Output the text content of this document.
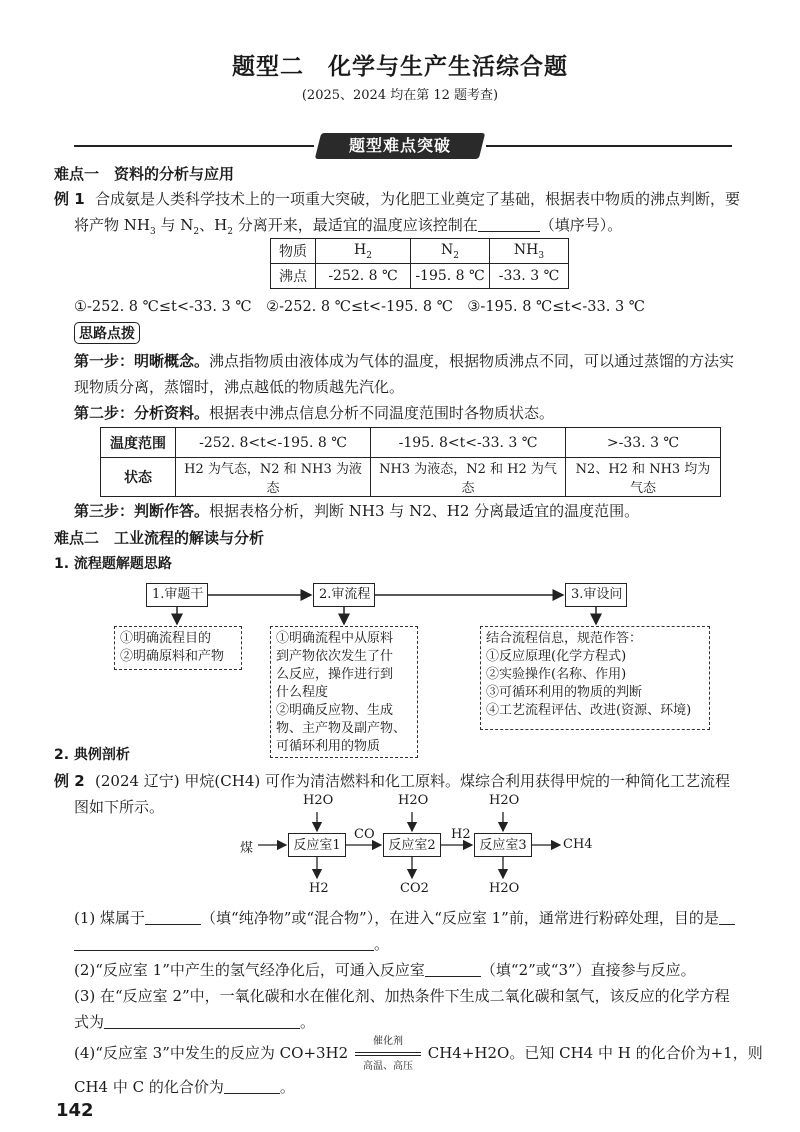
题型二　化学与生产生活综合题
(2025、2024 均在第 12 题考查)
题型难点突破
难点一　资料的分析与应用
例 1 合成氨是人类科学技术上的一项重大突破，为化肥工业奠定了基础，根据表中物质的沸点判断，要
将产物 $NH_3$ 与 $N_2$、$H_2$ 分离开来，最适宜的温度应该控制在	（填序号）。
物质	$H_2$	$N_2$	$NH_3$
沸点	-252. 8 ℃	-195. 8 ℃	-33. 3 ℃
①-252. 8 ℃≤t<-33. 3 ℃　②-252. 8 ℃≤t<-195. 8 ℃　③-195. 8 ℃≤t<-33. 3 ℃
思路点拨
第一步：明晰概念。沸点指物质由液体成为气体的温度，根据物质沸点不同，可以通过蒸馏的方法实
现物质分离，蒸馏时，沸点越低的物质越先汽化。
第二步：分析资料。根据表中沸点信息分析不同温度范围时各物质状态。
温度范围	-252. 8<t<-195. 8 ℃	-195. 8<t<-33. 3 ℃	>-33. 3 ℃
状态	H2 为气态，N2 和 NH3 为液态	NH3 为液态，N2 和 H2 为气态	N2、H2 和 NH3 均为气态
第三步：判断作答。根据表格分析，判断 NH3 与 N2、H2 分离最适宜的温度范围。
难点二　工业流程的解读与分析
1. 流程题解题思路
1.审题干	2.审流程	3.审设问
①明确流程目的
②明确原料和产物
①明确流程中从原料
到产物依次发生了什
么反应，操作进行到
什么程度
②明确反应物、生成
物、主产物及副产物、
可循环利用的物质
结合流程信息，规范作答：
①反应原理(化学方程式)
②实验操作(名称、作用)
③可循环利用的物质的判断
④工艺流程评估、改进(资源、环境)
2. 典例剖析
例 2 (2024 辽宁) 甲烷(CH4) 可作为清洁燃料和化工原料。煤综合利用获得甲烷的一种简化工艺流程
图如下所示。
反应室1	反应室2	反应室3
煤
H2O	H2O	H2O
CO	H2
CH4
H2	CO2	H2O
(1) 煤属于	（填“纯净物”或“混合物”），在进入“反应室 1”前，通常进行粉碎处理，目的是
。
(2)“反应室 1”中产生的氢气经净化后，可通入反应室	（填“2”或“3”）直接参与反应。
(3) 在“反应室 2”中，一氧化碳和水在催化剂、加热条件下生成二氧化碳和氢气，该反应的化学方程
式为	。
(4)“反应室 3”中发生的反应为 CO+3H2
催化剂
高温、高压
CH4+H2O。已知 CH4 中 H 的化合价为+1，则
CH4 中 C 的化合价为	。
142
